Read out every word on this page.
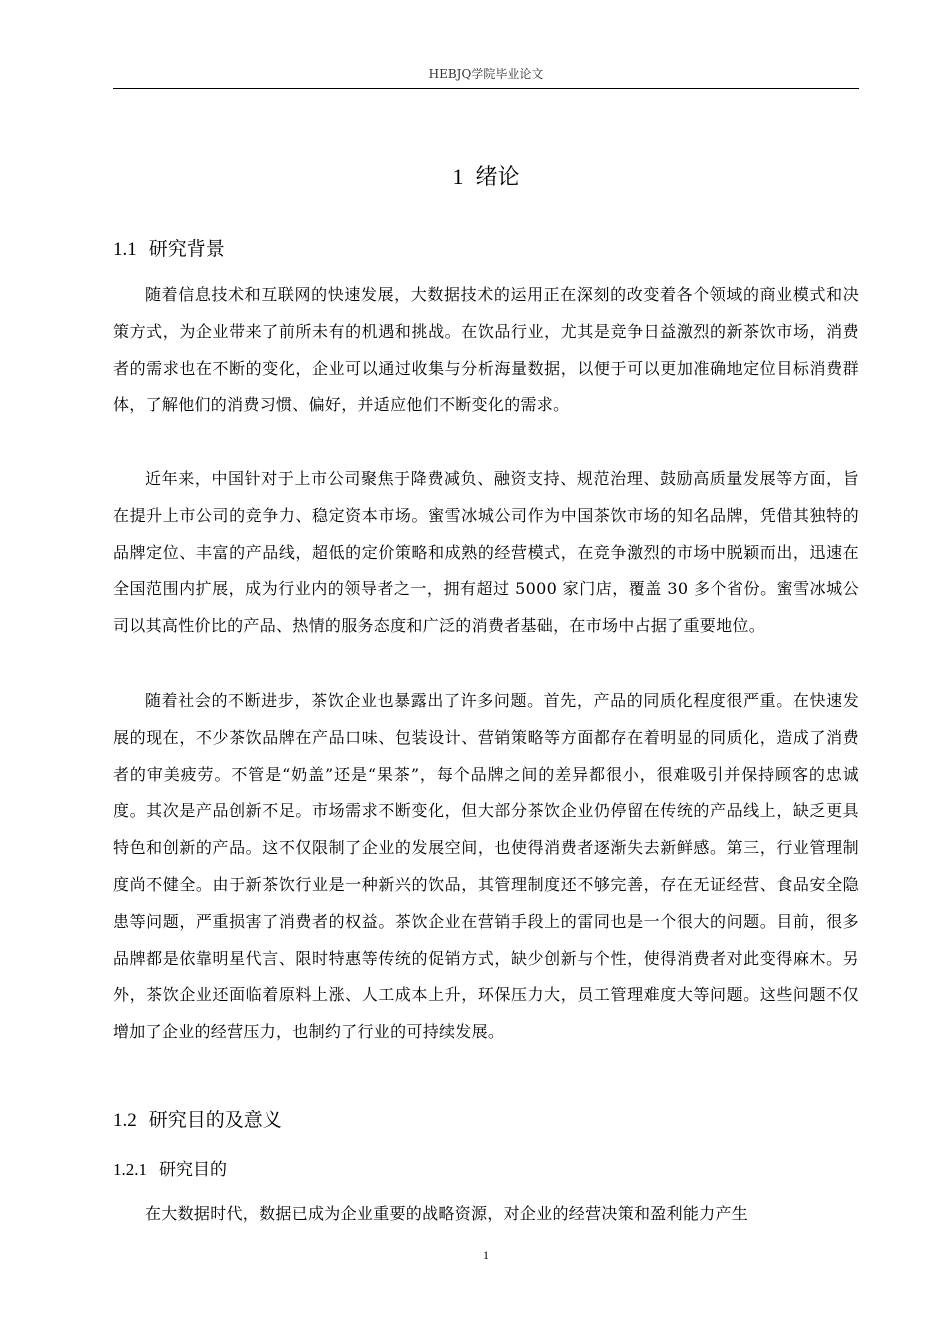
HEBJQ学院毕业论文
1 绪论
1.1 研究背景

随着信息技术和互联网的快速发展，大数据技术的运用正在深刻的改变着各个领域的商业模式和决策方式，为企业带来了前所未有的机遇和挑战。在饮品行业，尤其是竞争日益激烈的新茶饮市场，消费者的需求也在不断的变化，企业可以通过收集与分析海量数据，以便于可以更加准确地定位目标消费群体，了解他们的消费习惯、偏好，并适应他们不断变化的需求。

近年来，中国针对于上市公司聚焦于降费减负、融资支持、规范治理、鼓励高质量发展等方面，旨在提升上市公司的竞争力、稳定资本市场。蜜雪冰城公司作为中国茶饮市场的知名品牌，凭借其独特的品牌定位、丰富的产品线，超低的定价策略和成熟的经营模式，在竞争激烈的市场中脱颖而出，迅速在全国范围内扩展，成为行业内的领导者之一，拥有超过 5000 家门店，覆盖 30 多个省份。蜜雪冰城公司以其高性价比的产品、热情的服务态度和广泛的消费者基础，在市场中占据了重要地位。

随着社会的不断进步，茶饮企业也暴露出了许多问题。首先，产品的同质化程度很严重。在快速发展的现在，不少茶饮品牌在产品口味、包装设计、营销策略等方面都存在着明显的同质化，造成了消费者的审美疲劳。不管是“奶盖”还是“果茶”，每个品牌之间的差异都很小，很难吸引并保持顾客的忠诚度。其次是产品创新不足。市场需求不断变化，但大部分茶饮企业仍停留在传统的产品线上，缺乏更具特色和创新的产品。这不仅限制了企业的发展空间，也使得消费者逐渐失去新鲜感。第三，行业管理制度尚不健全。由于新茶饮行业是一种新兴的饮品，其管理制度还不够完善，存在无证经营、食品安全隐患等问题，严重损害了消费者的权益。茶饮企业在营销手段上的雷同也是一个很大的问题。目前，很多品牌都是依靠明星代言、限时特惠等传统的促销方式，缺少创新与个性，使得消费者对此变得麻木。另外，茶饮企业还面临着原料上涨、人工成本上升，环保压力大，员工管理难度大等问题。这些问题不仅增加了企业的经营压力，也制约了行业的可持续发展。

1.2 研究目的及意义
1.2.1 研究目的

在大数据时代，数据已成为企业重要的战略资源，对企业的经营决策和盈利能力产生

1
